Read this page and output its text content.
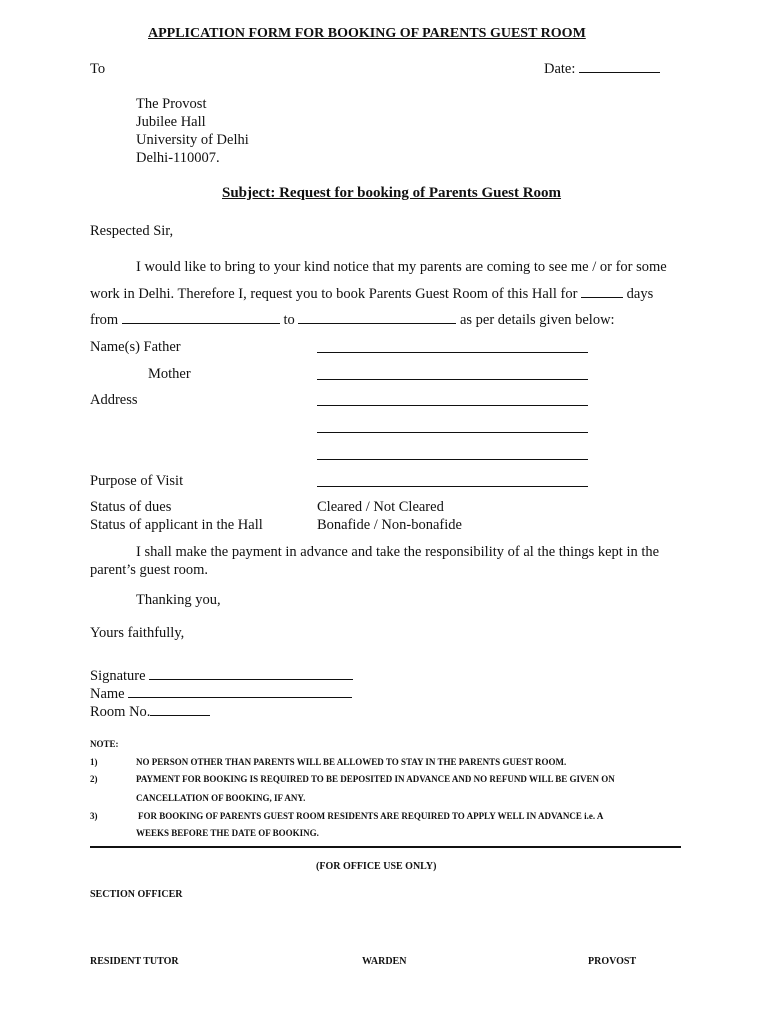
APPLICATION FORM FOR BOOKING OF PARENTS GUEST ROOM
To	Date:
The Provost
Jubilee Hall
University of Delhi
Delhi-110007.
Subject: Request for booking of Parents Guest Room
Respected Sir,
I would like to bring to your kind notice that my parents are coming to see me / or for some
work in Delhi. Therefore I, request you to book Parents Guest Room of this Hall for	days
from	to	as per details given below:
Name(s) Father
Mother
Address
Purpose of Visit
Status of dues	Cleared / Not Cleared
Status of applicant in the Hall	Bonafide / Non-bonafide
I shall make the payment in advance and take the responsibility of al the things kept in the
parent’s guest room.
Thanking you,
Yours faithfully,
Signature
Name
Room No.
NOTE:
1)	NO PERSON OTHER THAN PARENTS WILL BE ALLOWED TO STAY IN THE PARENTS GUEST ROOM.
2)	PAYMENT FOR BOOKING IS REQUIRED TO BE DEPOSITED IN ADVANCE AND NO REFUND WILL BE GIVEN ON
CANCELLATION OF BOOKING, IF ANY.
3)	FOR BOOKING OF PARENTS GUEST ROOM RESIDENTS ARE REQUIRED TO APPLY WELL IN ADVANCE i.e. A
WEEKS BEFORE THE DATE OF BOOKING.
(FOR OFFICE USE ONLY)
SECTION OFFICER
RESIDENT TUTOR	WARDEN	PROVOST
